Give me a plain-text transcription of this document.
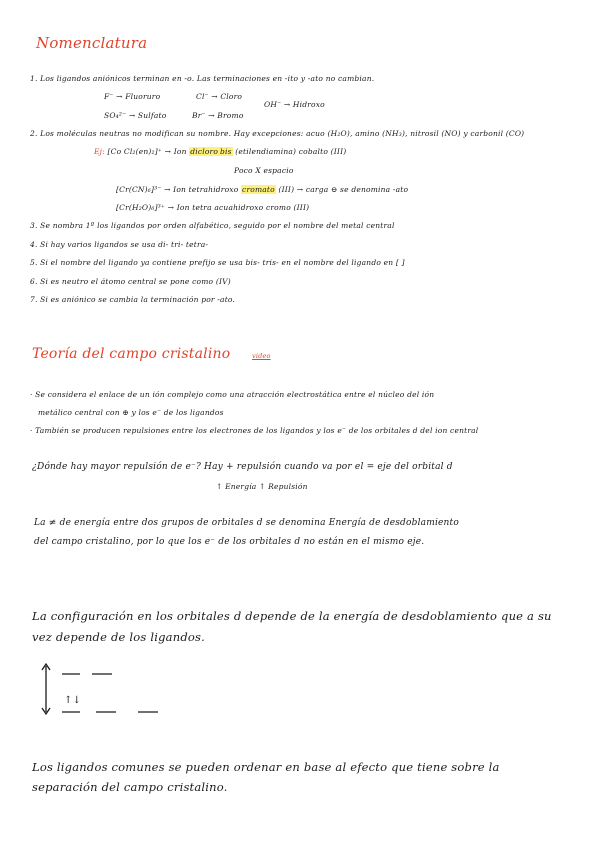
Nomenclatura
1. Los ligandos aniónicos terminan en -o. Las terminaciones en -ito y -ato no cambian.
F⁻ → Fluoruro	Cl⁻ → Cloro
OH⁻ → Hidroxo
SO₄²⁻ → Sulfato	Br⁻ → Bromo
2. Los moléculas neutras no modifican su nombre. Hay excepciones: acuo (H₂O), amino (NH₃), nitrosil (NO) y carbonil (CO)
Ej: [Co Cl₂(en)₂]⁺ → Ion dicloro bis (etilendiamina) cobalto (III)
Poco X espacio
[Cr(CN)₆]³⁻ → Ion tetrahidroxo cromato (III) → carga ⊖ se denomina -ato
[Cr(H₂O)₆]³⁺ → Ion tetra acuahidroxo cromo (III)
3. Se nombra 1º los ligandos por orden alfabético, seguido por el nombre del metal central
4. Si hay varios ligandos se usa di- tri- tetra-
5. Si el nombre del ligando ya contiene prefijo se usa bis- tris- en el nombre del ligando en [ ]
6. Si es neutro el átomo central se pone como (IV)
7. Si es aniónico se cambia la terminación por -ato.
Teoría del campo cristalino	video
· Se considera el enlace de un ión complejo como una atracción electrostática entre el núcleo del ión
metálico central con ⊕ y los e⁻ de los ligandos
· También se producen repulsiones entre los electrones de los ligandos y los e⁻ de los orbitales d del ion central
¿Dónde hay mayor repulsión de e⁻? Hay + repulsión cuando va por el = eje del orbital d
↑ Energía ↑ Repulsión
La ≠ de energía entre dos grupos de orbitales d se denomina Energía de desdoblamiento
del campo cristalino, por lo que los e⁻ de los orbitales d no están en el mismo eje.
La configuración en los orbitales d depende de la energía de desdoblamiento que a su
vez depende de los ligandos.
↑↓
Los ligandos comunes se pueden ordenar en base al efecto que tiene sobre la
separación del campo cristalino.
